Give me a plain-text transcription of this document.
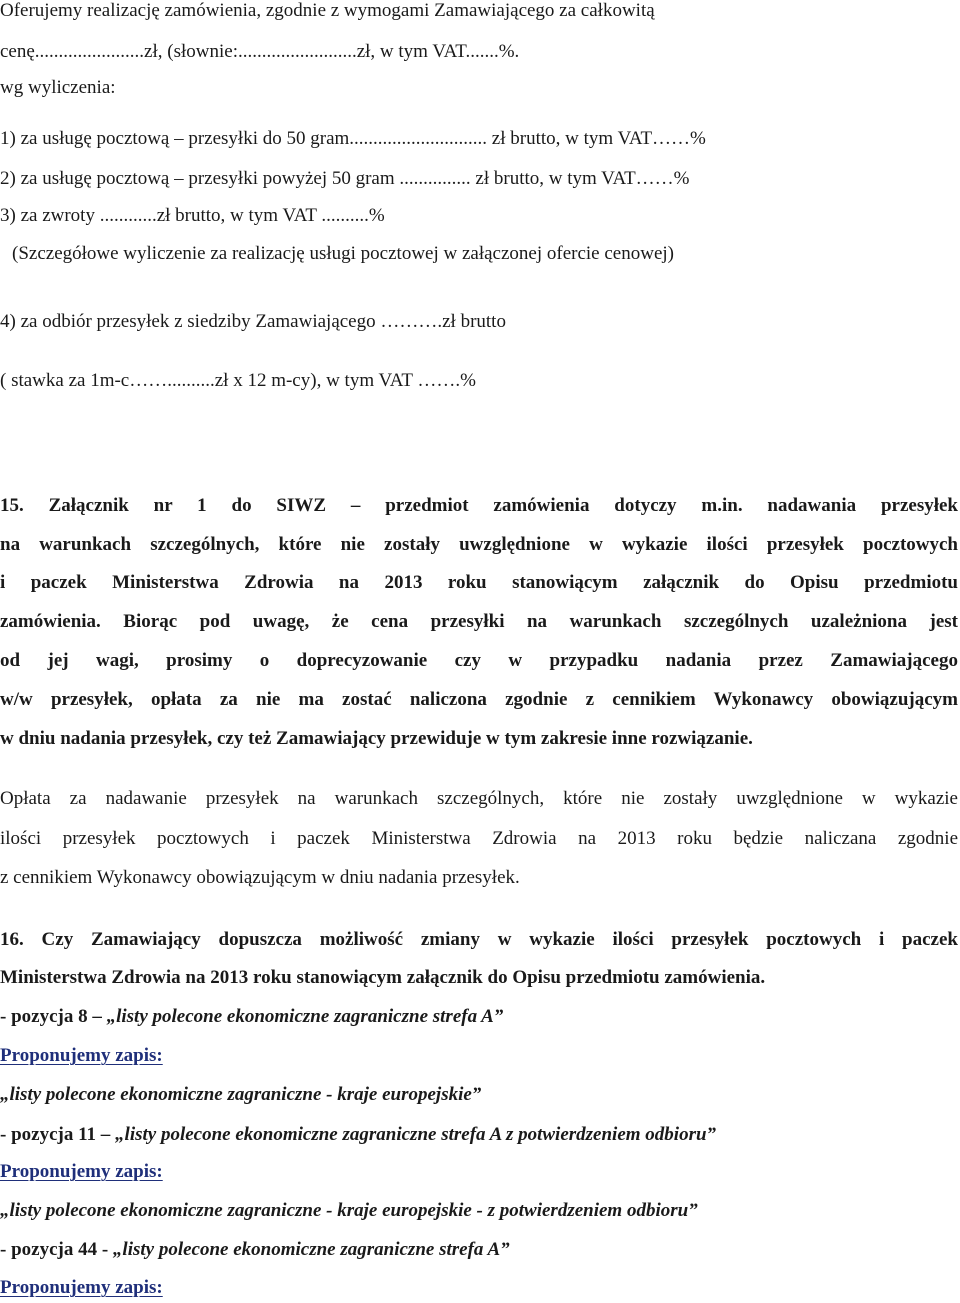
Oferujemy realizację zamówienia, zgodnie z wymogami Zamawiającego za całkowitą
cenę.......................zł, (słownie:.........................zł, w tym VAT.......%.
wg wyliczenia:
1) za usługę pocztową – przesyłki do 50 gram............................. zł brutto, w tym VAT……%
2) za usługę pocztową – przesyłki powyżej 50 gram ............... zł brutto, w tym VAT……%
3) za zwroty ............zł brutto, w tym VAT ..........%
(Szczegółowe wyliczenie za realizację usługi pocztowej w załączonej ofercie cenowej)
4) za odbiór przesyłek z siedziby Zamawiającego ……….zł brutto
( stawka za 1m-c……..........zł x 12 m-cy), w tym VAT …….%
15. Załącznik nr 1 do SIWZ – przedmiot zamówienia dotyczy m.in. nadawania przesyłek
na warunkach szczególnych, które nie zostały uwzględnione w wykazie ilości przesyłek pocztowych
i paczek Ministerstwa Zdrowia na 2013 roku stanowiącym załącznik do Opisu przedmiotu
zamówienia. Biorąc pod uwagę, że cena przesyłki na warunkach szczególnych uzależniona jest
od jej wagi, prosimy o doprecyzowanie czy w przypadku nadania przez Zamawiającego
w/w przesyłek, opłata za nie ma zostać naliczona zgodnie z cennikiem Wykonawcy obowiązującym
w dniu nadania przesyłek, czy też Zamawiający przewiduje w tym zakresie inne rozwiązanie.
Opłata za nadawanie przesyłek na warunkach szczególnych, które nie zostały uwzględnione w wykazie
ilości przesyłek pocztowych i paczek Ministerstwa Zdrowia na 2013 roku będzie naliczana zgodnie
z cennikiem Wykonawcy obowiązującym w dniu nadania przesyłek.
16. Czy Zamawiający dopuszcza możliwość zmiany w wykazie ilości przesyłek pocztowych i paczek
Ministerstwa Zdrowia na 2013 roku stanowiącym załącznik do Opisu przedmiotu zamówienia.
- pozycja 8 – „listy polecone ekonomiczne zagraniczne strefa A”
Proponujemy zapis:
„listy polecone ekonomiczne zagraniczne - kraje europejskie”
- pozycja 11 – „listy polecone ekonomiczne zagraniczne strefa A z potwierdzeniem odbioru”
Proponujemy zapis:
„listy polecone ekonomiczne zagraniczne - kraje europejskie - z potwierdzeniem odbioru”
- pozycja 44 - „listy polecone ekonomiczne zagraniczne strefa A”
Proponujemy zapis:
